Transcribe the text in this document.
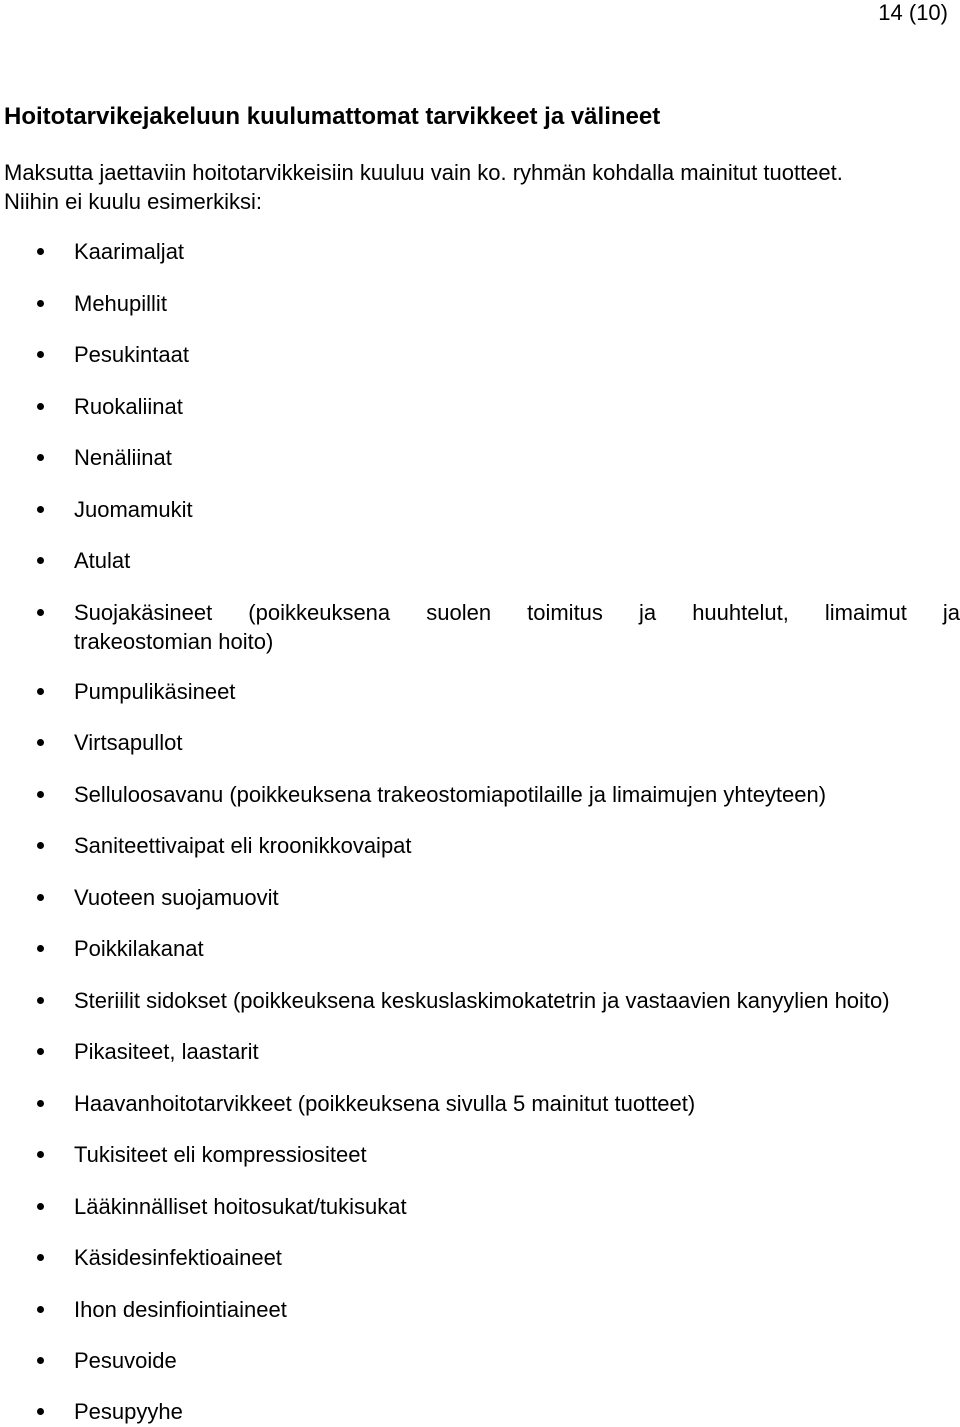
14 (10)
Hoitotarvikejakeluun kuulumattomat tarvikkeet ja välineet

Maksutta jaettaviin hoitotarvikkeisiin kuuluu vain ko. ryhmän kohdalla mainitut tuotteet.
Niihin ei kuulu esimerkiksi:

Kaarimaljat
Mehupillit
Pesukintaat
Ruokaliinat
Nenäliinat
Juomamukit
Atulat
Suojakäsineet (poikkeuksena suolen toimitus ja huuhtelut, limaimut ja
trakeostomian hoito)
Pumpulikäsineet
Virtsapullot
Selluloosavanu (poikkeuksena trakeostomiapotilaille ja limaimujen yhteyteen)
Saniteettivaipat eli kroonikkovaipat
Vuoteen suojamuovit
Poikkilakanat
Steriilit sidokset (poikkeuksena keskuslaskimokatetrin ja vastaavien kanyylien hoito)
Pikasiteet, laastarit
Haavanhoitotarvikkeet (poikkeuksena sivulla 5 mainitut tuotteet)
Tukisiteet eli kompressiositeet
Lääkinnälliset hoitosukat/tukisukat
Käsidesinfektioaineet
Ihon desinfiointiaineet
Pesuvoide
Pesupyyhe
